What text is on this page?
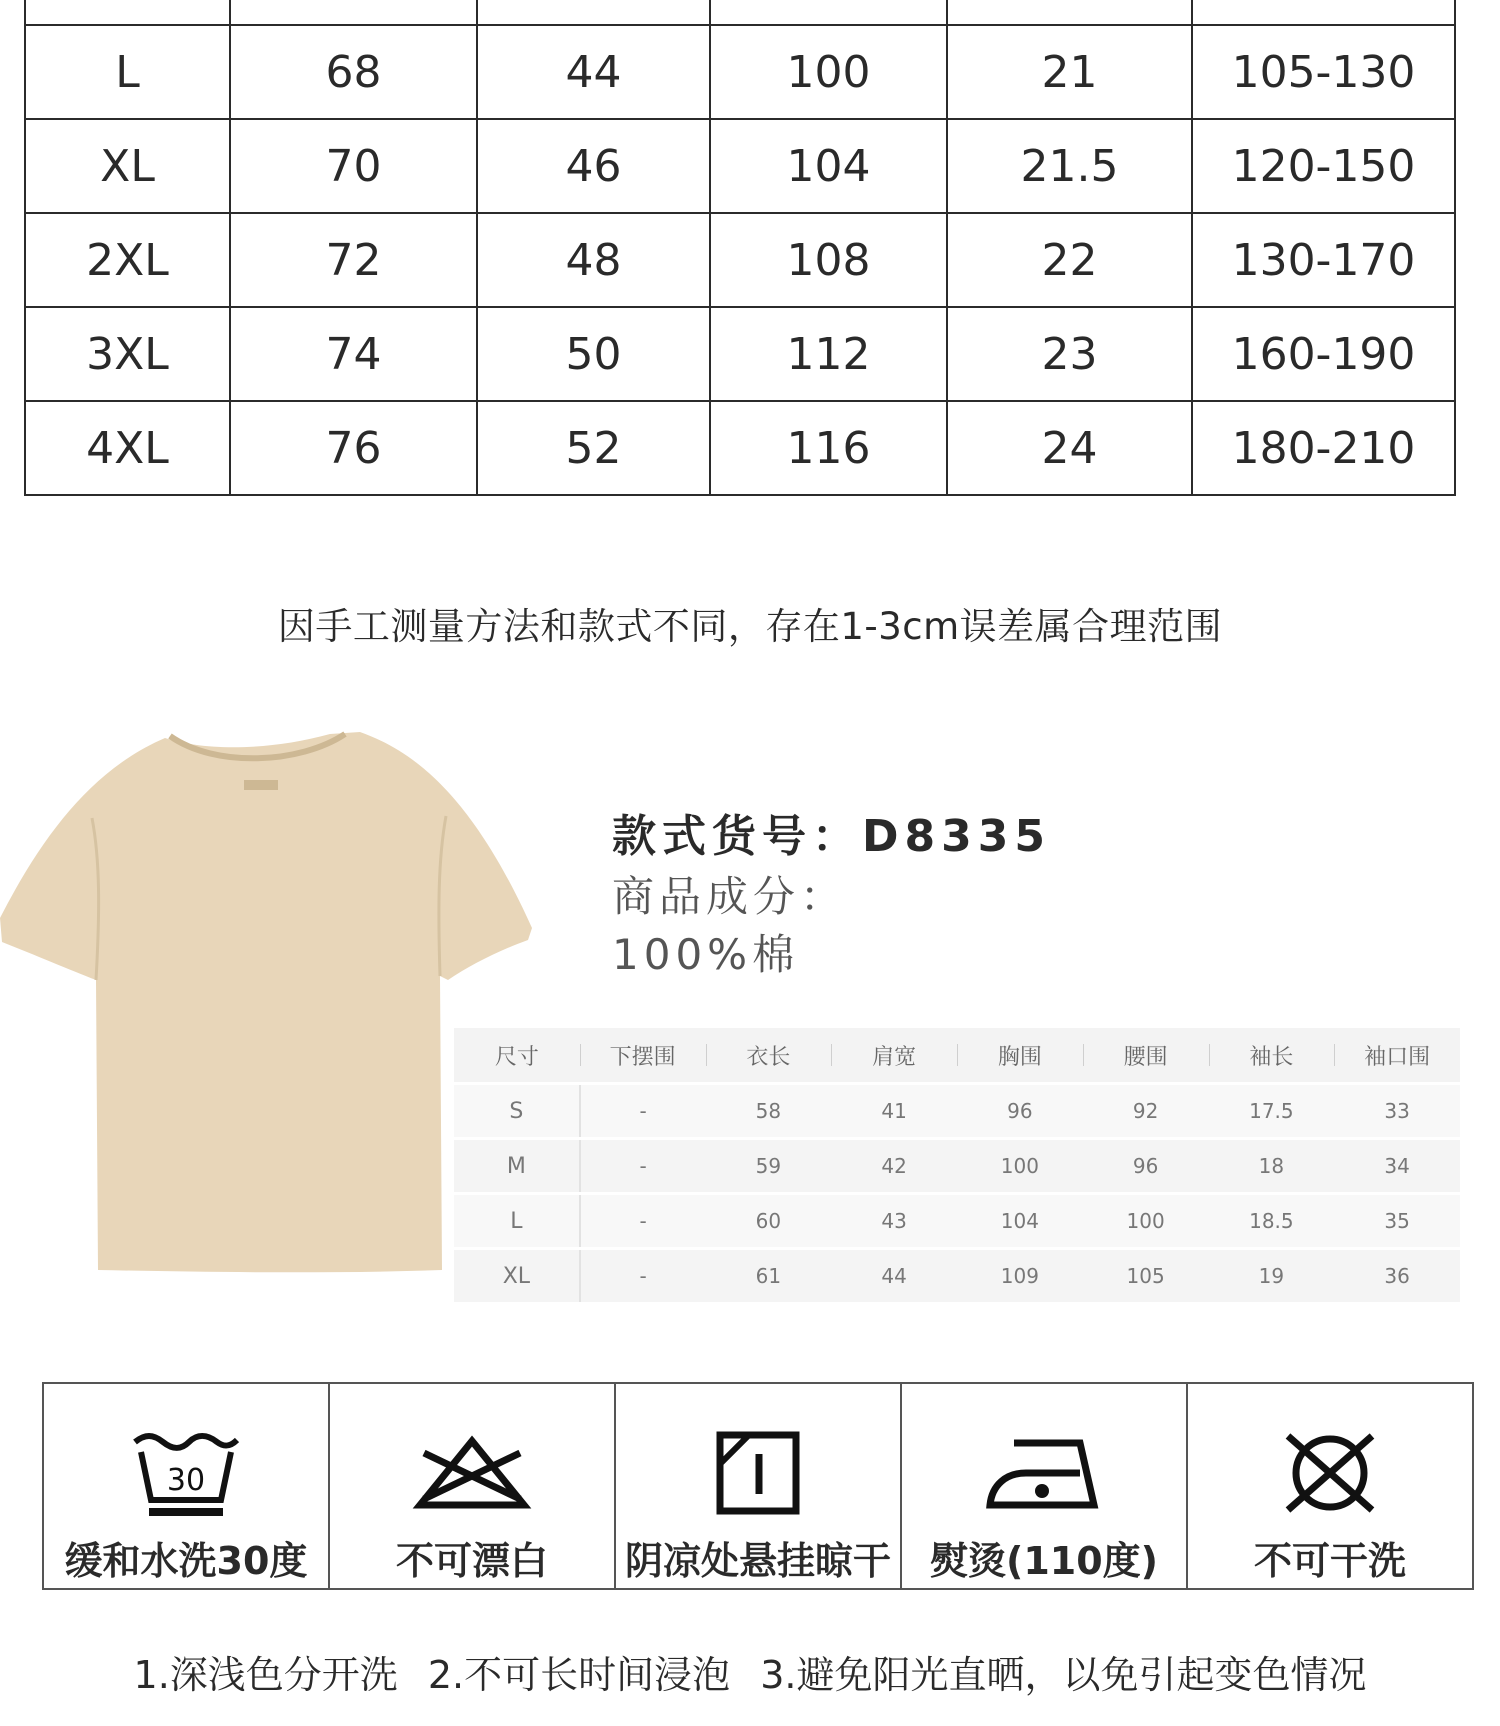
L	68	44	100	21	105-130
XL	70	46	104	21.5	120-150
2XL	72	48	108	22	130-170
3XL	74	50	112	23	160-190
4XL	76	52	116	24	180-210
因手工测量方法和款式不同，存在1-3cm误差属合理范围
款式货号：D8335
商品成分：
100%棉
尺寸	下摆围	衣长	肩宽	胸围	腰围	袖长	袖口围
S	-	58	41	96	92	17.5	33
M	-	59	42	100	96	18	34
L	-	60	43	104	100	18.5	35
XL	-	61	44	109	105	19	36
30
缓和水洗30度 不可漂白 阴凉处悬挂晾干 熨烫(110度)	不可干洗
1.深浅色分开洗 2.不可长时间浸泡 3.避免阳光直晒，以免引起变色情况
